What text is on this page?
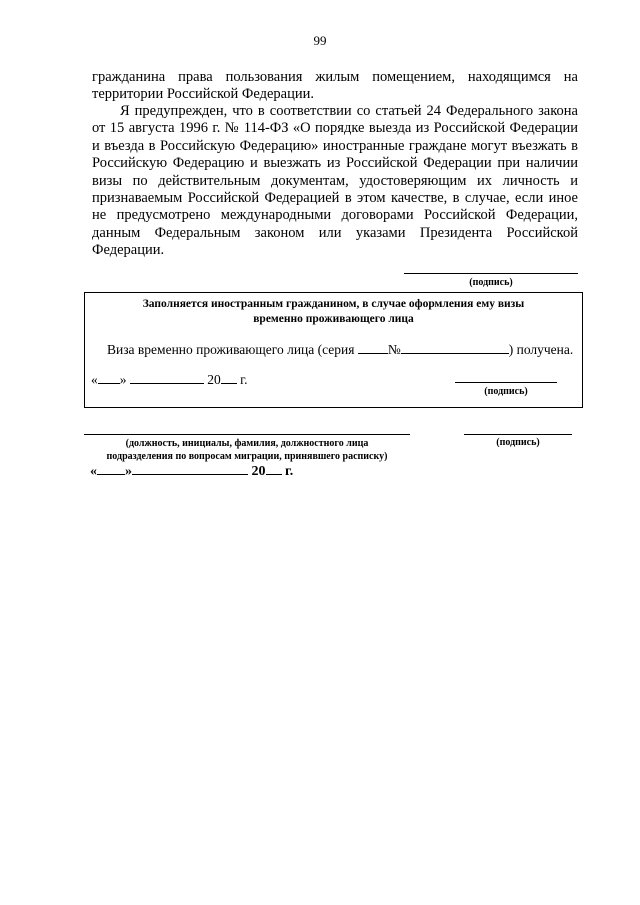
99
гражданина права пользования жилым помещением, находящимся на территории Российской Федерации.
Я предупрежден, что в соответствии со статьей 24 Федерального закона от 15 августа 1996 г. № 114-ФЗ «О порядке выезда из Российской Федерации и въезда в Российскую Федерацию» иностранные граждане могут въезжать в Российскую Федерацию и выезжать из Российской Федерации при наличии визы по действительным документам, удостоверяющим их личность и признаваемым Российской Федерацией в этом качестве, в случае, если иное не предусмотрено международными договорами Российской Федерации, данным Федеральным законом или указами Президента Российской Федерации.
(подпись)
Заполняется иностранным гражданином, в случае оформления ему визы
временно проживающего лица
Виза временно проживающего лица (серия №	) получена.
« »	20 г.
(подпись)
(должность, инициалы, фамилия, должностного лица
подразделения по вопросам миграции, принявшего расписку)
(подпись)
« »	20 г.
